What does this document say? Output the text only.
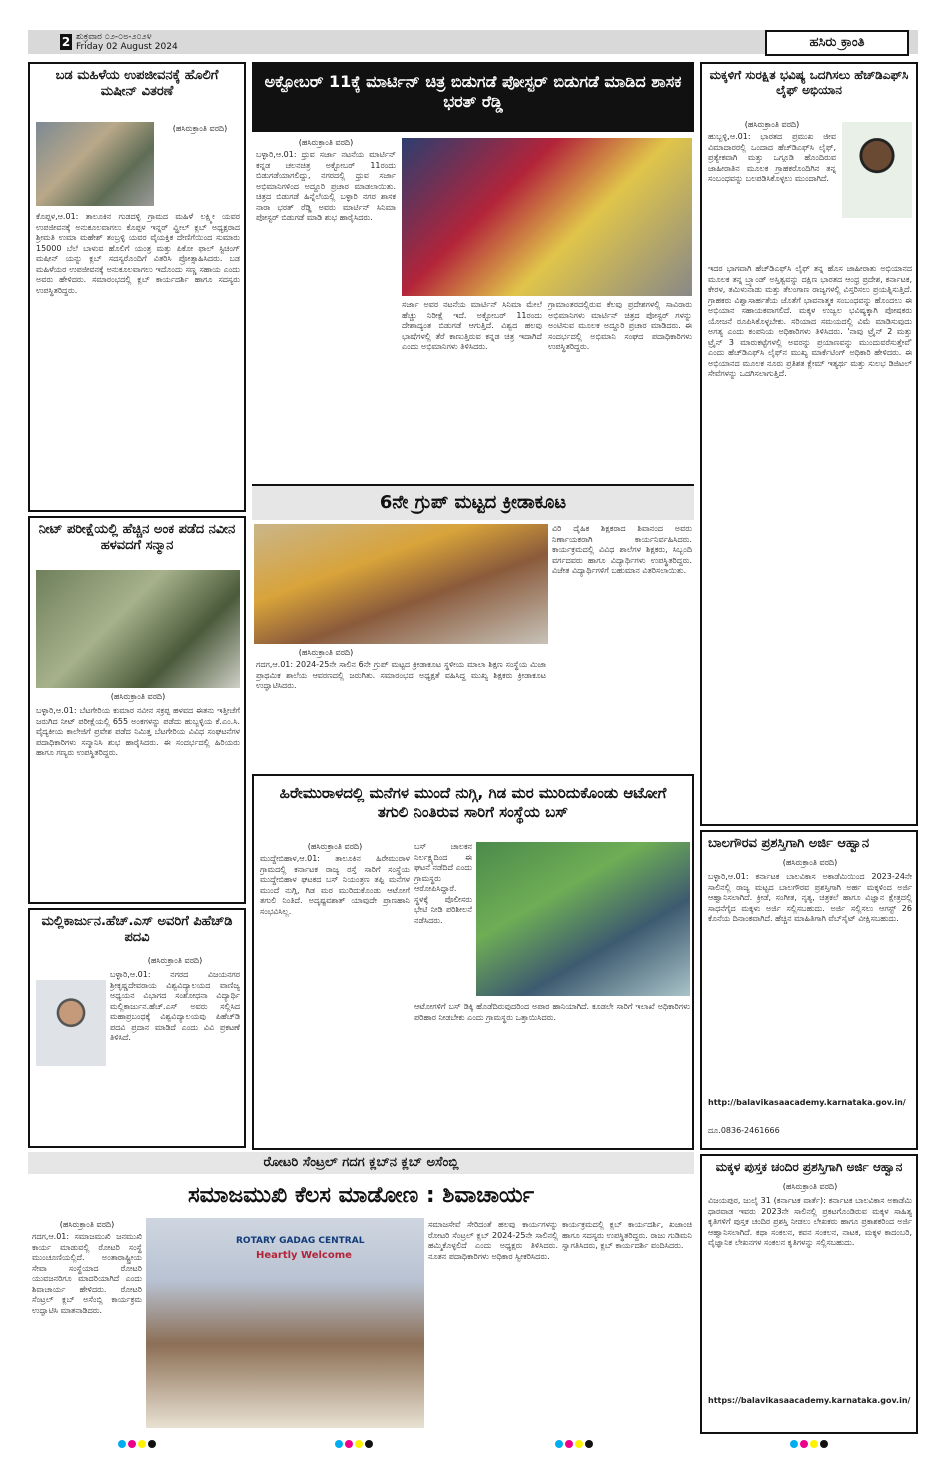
2 ಶುಕ್ರವಾರ ೦೨-೦೮-೨೦೨೪
Friday 02 August 2024	ಹಸಿರು ಕ್ರಾಂತಿ
ಬಡ ಮಹಿಳೆಯ ಉಪಜೀವನಕ್ಕೆ ಹೊಲಿಗೆ ಮಷೀನ್ ವಿತರಣೆ
(ಹಸಿರುಕ್ರಾಂತಿ ವರದಿ)
ಕೊಪ್ಪಳ,ಆ.01: ತಾಲೂಕಿನ ಗುಡದಳ್ಳಿ ಗ್ರಾಮದ ಮಹಿಳೆ ಲಕ್ಷ್ಮೀ ಯವರ ಉಪಜೀವನಕ್ಕೆ ಅನುಕೂಲವಾಗಲು ಕೊಪ್ಪಳ ಇನ್ನರ್ ವ್ಹೀಲ್ ಕ್ಲಬ್ ಅಧ್ಯಕ್ಷರಾದ ಶ್ರೀಮತಿ ಉಮಾ ಮಹೇಶ್ ತಂಬ್ರಳ್ಳಿ ಯವರ ವೈಯಕ್ತಿಕ ದೇಣಿಗೆಯಿಂದ ಸುಮಾರು 15000 ಬೆಲೆ ಬಾಳುವ ಹೊಲಿಗೆ ಯಂತ್ರ ಮತ್ತು ಪಿಕೋ ಫಾಲ್ ಸ್ಟಿಚಿಂಗ್ ಮಷೀನ್ ಯನ್ನು ಕ್ಲಬ್ ಸದಸ್ಯರೊಂದಿಗೆ ವಿತರಿಸಿ ಪ್ರೋತ್ಸಾಹಿಸಿದರು. ಬಡ ಮಹಿಳೆಯರ ಉಪಜೀವನಕ್ಕೆ ಅನುಕೂಲವಾಗಲು ಇದೊಂದು ಸಣ್ಣ ಸಹಾಯ ಎಂದು ಅವರು ಹೇಳಿದರು. ಸಮಾರಂಭದಲ್ಲಿ ಕ್ಲಬ್ ಕಾರ್ಯದರ್ಶಿ ಹಾಗೂ ಸದಸ್ಯರು ಉಪಸ್ಥಿತರಿದ್ದರು.
ನೀಟ್ ಪರೀಕ್ಷೆಯಲ್ಲಿ ಹೆಚ್ಚಿನ ಅಂಕ ಪಡೆದ ನವೀನ ಹಳವದಗೆ ಸನ್ಮಾನ
(ಹಸಿರುಕ್ರಾಂತಿ ವರದಿ)
ಬಳ್ಳಾರಿ,ಆ.01: ಬೆಟಗೇರಿಯ ಕುಮಾರ ನವೀನ ಸಕ್ರಪ್ಪ ಹಳವದ ಈತನು ಇತ್ತೀಚೆಗೆ ಜರುಗಿದ ನೀಟ್ ಪರೀಕ್ಷೆಯಲ್ಲಿ 655 ಅಂಕಗಳನ್ನು ಪಡೆದು ಹುಬ್ಬಳ್ಳಿಯ ಕೆ.ಎಂ.ಸಿ. ವೈದ್ಯಕೀಯ ಕಾಲೇಜಿಗೆ ಪ್ರವೇಶ ಪಡೆದ ನಿಮಿತ್ತ ಬೆಟಗೇರಿಯ ವಿವಿಧ ಸಂಘಟನೆಗಳ ಪದಾಧಿಕಾರಿಗಳು ಸನ್ಮಾನಿಸಿ ಶುಭ ಹಾರೈಸಿದರು. ಈ ಸಂದರ್ಭದಲ್ಲಿ ಹಿರಿಯರು ಹಾಗೂ ಗಣ್ಯರು ಉಪಸ್ಥಿತರಿದ್ದರು.
ಮಲ್ಲಿಕಾರ್ಜುನ.ಹೆಚ್.ಎಸ್ ಅವರಿಗೆ ಪಿಹೆಚ್‌ಡಿ ಪದವಿ
(ಹಸಿರುಕ್ರಾಂತಿ ವರದಿ)
ಬಳ್ಳಾರಿ,ಆ.01: ನಗರದ ವಿಜಯನಗರ ಶ್ರೀಕೃಷ್ಣದೇವರಾಯ ವಿಶ್ವವಿದ್ಯಾಲಯದ ವಾಣಿಜ್ಯ ಅಧ್ಯಯನ ವಿಭಾಗದ ಸಂಶೋಧನಾ ವಿದ್ಯಾರ್ಥಿ ಮಲ್ಲಿಕಾರ್ಜುನ.ಹೆಚ್.ಎಸ್ ಅವರು ಸಲ್ಲಿಸಿದ ಮಹಾಪ್ರಬಂಧಕ್ಕೆ ವಿಶ್ವವಿದ್ಯಾಲಯವು ಪಿಹೆಚ್‌ಡಿ ಪದವಿ ಪ್ರದಾನ ಮಾಡಿದೆ ಎಂದು ವಿವಿ ಪ್ರಕಟಣೆ ತಿಳಿಸಿದೆ.
ಅಕ್ಟೋಬರ್ 11ಕ್ಕೆ ಮಾರ್ಟಿನ್ ಚಿತ್ರ ಬಿಡುಗಡೆ ಪೋಸ್ಟರ್ ಬಿಡುಗಡೆ ಮಾಡಿದ ಶಾಸಕ ಭರತ್ ರೆಡ್ಡಿ
(ಹಸಿರುಕ್ರಾಂತಿ ವರದಿ)
ಬಳ್ಳಾರಿ,ಆ.01: ಧ್ರುವ ಸರ್ಜಾ ನಟನೆಯ ಮಾರ್ಟಿನ್ ಕನ್ನಡ ಚಲನಚಿತ್ರ ಅಕ್ಟೋಬರ್ 11ರಂದು ಬಿಡುಗಡೆಯಾಗಲಿದ್ದು, ನಗರದಲ್ಲಿ ಧ್ರುವ ಸರ್ಜಾ ಅಭಿಮಾನಿಗಳಿಂದ ಅದ್ದೂರಿ ಪ್ರಚಾರ ಮಾಡಲಾಯಿತು. ಚಿತ್ರದ ಬಿಡುಗಡೆ ಹಿನ್ನೆಲೆಯಲ್ಲಿ ಬಳ್ಳಾರಿ ನಗರ ಶಾಸಕ ನಾರಾ ಭರತ್ ರೆಡ್ಡಿ ಅವರು ಮಾರ್ಟಿನ್ ಸಿನಿಮಾ ಪೋಸ್ಟರ್ ಬಿಡುಗಡೆ ಮಾಡಿ ಶುಭ ಹಾರೈಸಿದರು.
ಸರ್ಜಾ ಅವರ ನಟನೆಯ ಮಾರ್ಟಿನ್ ಸಿನಿಮಾ ಮೇಲೆ ಹೆಚ್ಚು ನಿರೀಕ್ಷೆ ಇದೆ. ಅಕ್ಟೋಬರ್ 11ರಂದು ದೇಶಾದ್ಯಂತ ಬಿಡುಗಡೆ ಆಗುತ್ತಿದೆ. ವಿಶ್ವದ ಹಲವು ಭಾಷೆಗಳಲ್ಲಿ ತೆರೆ ಕಾಣುತ್ತಿರುವ ಕನ್ನಡ ಚಿತ್ರ ಇದಾಗಿದೆ ಎಂದು ಅಭಿಮಾನಿಗಳು ತಿಳಿಸಿದರು.
ಗ್ರಾಮಾಂತರದಲ್ಲಿರುವ ಕೆಲವು ಪ್ರದೇಶಗಳಲ್ಲಿ ಸಾವಿರಾರು ಅಭಿಮಾನಿಗಳು ಮಾರ್ಟಿನ್ ಚಿತ್ರದ ಪೋಸ್ಟರ್ ಗಳನ್ನು ಅಂಟಿಸುವ ಮೂಲಕ ಅದ್ದೂರಿ ಪ್ರಚಾರ ಮಾಡಿದರು. ಈ ಸಂದರ್ಭದಲ್ಲಿ ಅಭಿಮಾನಿ ಸಂಘದ ಪದಾಧಿಕಾರಿಗಳು ಉಪಸ್ಥಿತರಿದ್ದರು.
6ನೇ ಗ್ರುಪ್ ಮಟ್ಟದ ಕ್ರೀಡಾಕೂಟ
(ಹಸಿರುಕ್ರಾಂತಿ ವರದಿ)
ಗದಗ,ಆ.01: 2024-25ನೇ ಸಾಲಿನ 6ನೇ ಗ್ರುಪ್ ಮಟ್ಟದ ಕ್ರೀಡಾಕೂಟ ಸ್ಥಳೀಯ ಮಾಲಾ ಶಿಕ್ಷಣ ಸಂಸ್ಥೆಯ ಮಿಜಾ ಪ್ರಾಥಮಿಕ ಶಾಲೆಯ ಆವರಣದಲ್ಲಿ ಜರುಗಿತು. ಸಮಾರಂಭದ ಅಧ್ಯಕ್ಷತೆ ವಹಿಸಿದ್ದ ಮುಖ್ಯ ಶಿಕ್ಷಕರು ಕ್ರೀಡಾಕೂಟ ಉದ್ಘಾಟಿಸಿದರು.
ವಿರಿ ದೈಹಿಕ ಶಿಕ್ಷಕರಾದ ಶಿವಾನಂದ ಅವರು ನಿರ್ಣಾಯಕರಾಗಿ ಕಾರ್ಯನಿರ್ವಹಿಸಿದರು. ಕಾರ್ಯಕ್ರಮದಲ್ಲಿ ವಿವಿಧ ಶಾಲೆಗಳ ಶಿಕ್ಷಕರು, ಸಿಬ್ಬಂದಿ ವರ್ಗದವರು ಹಾಗೂ ವಿದ್ಯಾರ್ಥಿಗಳು ಉಪಸ್ಥಿತರಿದ್ದರು. ವಿಜೇತ ವಿದ್ಯಾರ್ಥಿಗಳಿಗೆ ಬಹುಮಾನ ವಿತರಿಸಲಾಯಿತು.
ಹಿರೇಮುರಾಳದಲ್ಲಿ ಮನೆಗಳ ಮುಂದೆ ನುಗ್ಗಿ, ಗಿಡ ಮರ ಮುರಿದುಕೊಂಡು ಆಟೋಗೆ ತಗುಲಿ ನಿಂತಿರುವ ಸಾರಿಗೆ ಸಂಸ್ಥೆಯ ಬಸ್
(ಹಸಿರುಕ್ರಾಂತಿ ವರದಿ)
ಮುದ್ದೇಬಿಹಾಳ,ಆ.01: ತಾಲೂಕಿನ ಹಿರೇಮುರಾಳ ಗ್ರಾಮದಲ್ಲಿ ಕರ್ನಾಟಕ ರಾಜ್ಯ ರಸ್ತೆ ಸಾರಿಗೆ ಸಂಸ್ಥೆಯ ಮುದ್ದೇಬಿಹಾಳ ಘಟಕದ ಬಸ್ ನಿಯಂತ್ರಣ ತಪ್ಪಿ ಮನೆಗಳ ಮುಂದೆ ನುಗ್ಗಿ, ಗಿಡ ಮರ ಮುರಿದುಕೊಂಡು ಆಟೋಗೆ ತಗುಲಿ ನಿಂತಿದೆ. ಅದೃಷ್ಟವಶಾತ್ ಯಾವುದೇ ಪ್ರಾಣಹಾನಿ ಸಂಭವಿಸಿಲ್ಲ.
ಬಸ್ ಚಾಲಕನ ನಿರ್ಲಕ್ಷ್ಯದಿಂದ ಈ ಘಟನೆ ನಡೆದಿದೆ ಎಂದು ಗ್ರಾಮಸ್ಥರು ಆರೋಪಿಸಿದ್ದಾರೆ. ಸ್ಥಳಕ್ಕೆ ಪೊಲೀಸರು ಭೇಟಿ ನೀಡಿ ಪರಿಶೀಲನೆ ನಡೆಸಿದರು.
ಆಟೋಗಳಿಗೆ ಬಸ್ ಡಿಕ್ಕಿ ಹೊಡೆದಿರುವುದರಿಂದ ಅಪಾರ ಹಾನಿಯಾಗಿದೆ. ಕೂಡಲೇ ಸಾರಿಗೆ ಇಲಾಖೆ ಅಧಿಕಾರಿಗಳು ಪರಿಹಾರ ನೀಡಬೇಕು ಎಂದು ಗ್ರಾಮಸ್ಥರು ಒತ್ತಾಯಿಸಿದರು.
ಮಕ್ಕಳಿಗೆ ಸುರಕ್ಷಿತ ಭವಿಷ್ಯ ಒದಗಿಸಲು ಹೆಚ್‌ಡಿಎಫ್‌ಸಿ ಲೈಫ್ ಅಭಿಯಾನ
(ಹಸಿರುಕ್ರಾಂತಿ ವರದಿ)
ಹುಬ್ಬಳ್ಳಿ,ಆ.01: ಭಾರತದ ಪ್ರಮುಖ ಜೀವ ವಿಮಾದಾರರಲ್ಲಿ ಒಂದಾದ ಹೆಚ್‌ಡಿಎಫ್‌ಸಿ ಲೈಫ್, ಪ್ರತ್ಯೇಕವಾಗಿ ಮತ್ತು ಒಗ್ಗೂಡಿ ಹೊಂದಿರುವ ಜಾಹೀರಾತಿನ ಮೂಲಕ ಗ್ರಾಹಕರೊಂದಿಗಿನ ತನ್ನ ಸಂಬಂಧವನ್ನು ಬಲಪಡಿಸಿಕೊಳ್ಳಲು ಮುಂದಾಗಿದೆ.
ಇದರ ಭಾಗವಾಗಿ ಹೆಚ್‌ಡಿಎಫ್‌ಸಿ ಲೈಫ್ ತನ್ನ ಹೊಸ ಜಾಹೀರಾತು ಅಭಿಯಾನದ ಮೂಲಕ ತನ್ನ ಬ್ರ್ಯಾಂಡ್ ಅಸ್ತಿತ್ವವನ್ನು ದಕ್ಷಿಣ ಭಾರತದ ಆಂಧ್ರ ಪ್ರದೇಶ, ಕರ್ನಾಟಕ, ಕೇರಳ, ತಮಿಳುನಾಡು ಮತ್ತು ತೆಲಂಗಾಣ ರಾಜ್ಯಗಳಲ್ಲಿ ವಿಸ್ತರಿಸಲು ಪ್ರಯತ್ನಿಸುತ್ತಿದೆ. ಗ್ರಾಹಕರು ವಿಶ್ವಾಸಾರ್ಹತೆಯ ಜೊತೆಗೆ ಭಾವನಾತ್ಮಕ ಸಂಬಂಧವನ್ನು ಹೊಂದಲು ಈ ಅಭಿಯಾನ ಸಹಾಯಕವಾಗಲಿದೆ. ಮಕ್ಕಳ ಉಜ್ವಲ ಭವಿಷ್ಯಕ್ಕಾಗಿ ಪೋಷಕರು ಯೋಜನೆ ರೂಪಿಸಿಕೊಳ್ಳಬೇಕು. ಸರಿಯಾದ ಸಮಯದಲ್ಲಿ ವಿಮೆ ಮಾಡಿಸುವುದು ಅಗತ್ಯ ಎಂದು ಕಂಪನಿಯ ಅಧಿಕಾರಿಗಳು ತಿಳಿಸಿದರು. 'ನಾವು ಟ್ರೈನ್ 2 ಮತ್ತು ಟ್ರೈನ್ 3 ಮಾರುಕಟ್ಟೆಗಳಲ್ಲಿ ಅವರನ್ನು ಪ್ರಯಾಣವನ್ನು ಮುಂದುವರೆಸುತ್ತೇವೆ' ಎಂದು ಹೆಚ್‌ಡಿಎಫ್‌ಸಿ ಲೈಫ್‌ನ ಮುಖ್ಯ ಮಾರ್ಕೆಟಿಂಗ್ ಅಧಿಕಾರಿ ಹೇಳಿದರು. ಈ ಅಭಿಯಾನದ ಮೂಲಕ ನೂರು ಪ್ರತಿಶತ ಕ್ಲೇಮ್ ಇತ್ಯರ್ಥ ಮತ್ತು ಸುಲಭ ಡಿಜಿಟಲ್ ಸೇವೆಗಳನ್ನು ಒದಗಿಸಲಾಗುತ್ತಿದೆ.
ಬಾಲಗೌರವ ಪ್ರಶಸ್ತಿಗಾಗಿ ಅರ್ಜಿ ಆಹ್ವಾನ
(ಹಸಿರುಕ್ರಾಂತಿ ವರದಿ)
ಬಳ್ಳಾರಿ,ಆ.01: ಕರ್ನಾಟಕ ಬಾಲವಿಕಾಸ ಅಕಾಡೆಮಿಯಿಂದ 2023-24ನೇ ಸಾಲಿನಲ್ಲಿ ರಾಜ್ಯ ಮಟ್ಟದ ಬಾಲಗೌರವ ಪ್ರಶಸ್ತಿಗಾಗಿ ಅರ್ಹ ಮಕ್ಕಳಿಂದ ಅರ್ಜಿ ಆಹ್ವಾನಿಸಲಾಗಿದೆ. ಕ್ರೀಡೆ, ಸಂಗೀತ, ನೃತ್ಯ, ಚಿತ್ರಕಲೆ ಹಾಗೂ ವಿಜ್ಞಾನ ಕ್ಷೇತ್ರದಲ್ಲಿ ಸಾಧನೆಗೈದ ಮಕ್ಕಳು ಅರ್ಜಿ ಸಲ್ಲಿಸಬಹುದು. ಅರ್ಜಿ ಸಲ್ಲಿಸಲು ಆಗಸ್ಟ್ 26 ಕೊನೆಯ ದಿನಾಂಕವಾಗಿದೆ. ಹೆಚ್ಚಿನ ಮಾಹಿತಿಗಾಗಿ ವೆಬ್‌ಸೈಟ್ ವೀಕ್ಷಿಸಬಹುದು.
http://balavikasaacademy.karnataka.gov.in/
ದೂ.0836-2461666
ರೋಟರಿ ಸೆಂಟ್ರಲ್ ಗದಗ ಕ್ಲಬ್‌ನ ಕ್ಲಬ್ ಅಸೆಂಬ್ಲಿ
ಸಮಾಜಮುಖಿ ಕೆಲಸ ಮಾಡೋಣ : ಶಿವಾಚಾರ್ಯ
(ಹಸಿರುಕ್ರಾಂತಿ ವರದಿ)
ಗದಗ,ಆ.01: ಸಮಾಜಮುಖಿ ಜನಮುಖಿ ಕಾರ್ಯ ಮಾಡುವಲ್ಲಿ ರೋಟರಿ ಸಂಸ್ಥೆ ಮುಂಚೂಣಿಯಲ್ಲಿದೆ. ಅಂತಾರಾಷ್ಟ್ರೀಯ ಸೇವಾ ಸಂಸ್ಥೆಯಾದ ರೋಟರಿ ಯುವಜನರಿಗೂ ಮಾದರಿಯಾಗಿದೆ ಎಂದು ಶಿವಾಚಾರ್ಯ ಹೇಳಿದರು. ರೋಟರಿ ಸೆಂಟ್ರಲ್ ಕ್ಲಬ್ ಅಸೆಂಬ್ಲಿ ಕಾರ್ಯಕ್ರಮ ಉದ್ಘಾಟಿಸಿ ಮಾತನಾಡಿದರು.
ROTARY GADAG CENTRAL
Heartly Welcome
ಸಮಾಜಸೇವೆ ಸೇರಿದಂತೆ ಹಲವು ಕಾರ್ಯಗಳನ್ನು ರೋಟರಿ ಸೆಂಟ್ರಲ್ ಕ್ಲಬ್ 2024-25ನೇ ಸಾಲಿನಲ್ಲಿ ಹಮ್ಮಿಕೊಳ್ಳಲಿದೆ ಎಂದು ಅಧ್ಯಕ್ಷರು ತಿಳಿಸಿದರು. ನೂತನ ಪದಾಧಿಕಾರಿಗಳು ಅಧಿಕಾರ ಸ್ವೀಕರಿಸಿದರು.
ಕಾರ್ಯಕ್ರಮದಲ್ಲಿ ಕ್ಲಬ್ ಕಾರ್ಯದರ್ಶಿ, ಖಜಾಂಚಿ ಹಾಗೂ ಸದಸ್ಯರು ಉಪಸ್ಥಿತರಿದ್ದರು. ರಾಜು ಗುಡಿಮನಿ ಸ್ವಾಗತಿಸಿದರು, ಕ್ಲಬ್ ಕಾರ್ಯದರ್ಶಿ ವಂದಿಸಿದರು.
ಮಕ್ಕಳ ಪುಸ್ತಕ ಚಂದಿರ ಪ್ರಶಸ್ತಿಗಾಗಿ ಅರ್ಜಿ ಆಹ್ವಾನ
(ಹಸಿರುಕ್ರಾಂತಿ ವರದಿ)
ವಿಜಯಪುರ, ಜುಲೈ 31 (ಕರ್ನಾಟಕ ವಾರ್ತೆ): ಕರ್ನಾಟಕ ಬಾಲವಿಕಾಸ ಅಕಾಡೆಮಿ ಧಾರವಾಡ ಇವರು 2023ನೇ ಸಾಲಿನಲ್ಲಿ ಪ್ರಕಟಗೊಂಡಿರುವ ಮಕ್ಕಳ ಸಾಹಿತ್ಯ ಕೃತಿಗಳಿಗೆ ಪುಸ್ತಕ ಚಂದಿರ ಪ್ರಶಸ್ತಿ ನೀಡಲು ಲೇಖಕರು ಹಾಗೂ ಪ್ರಕಾಶಕರಿಂದ ಅರ್ಜಿ ಆಹ್ವಾನಿಸಲಾಗಿದೆ. ಕಥಾ ಸಂಕಲನ, ಕವನ ಸಂಕಲನ, ನಾಟಕ, ಮಕ್ಕಳ ಕಾದಂಬರಿ, ವೈಜ್ಞಾನಿಕ ಲೇಖನಗಳ ಸಂಕಲನ ಕೃತಿಗಳನ್ನು ಸಲ್ಲಿಸಬಹುದು.
https://balavikasaacademy.karnataka.gov.in/
